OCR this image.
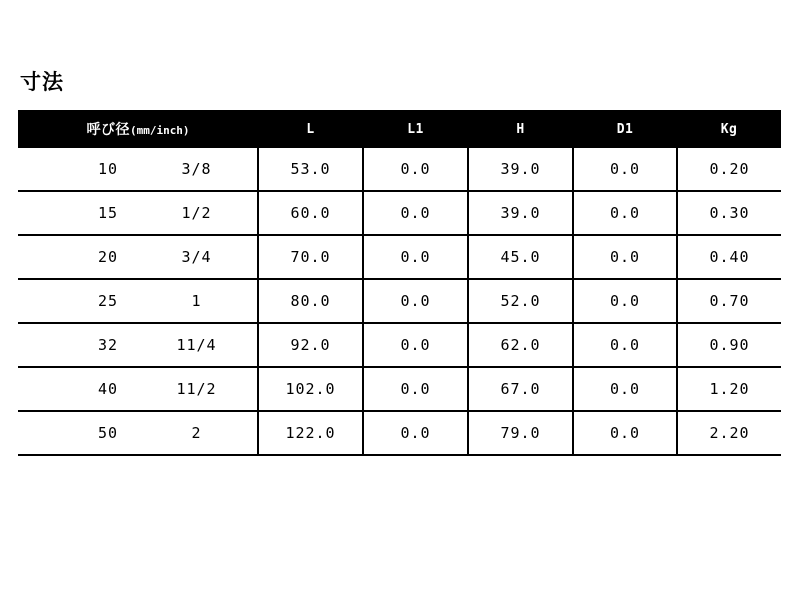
寸法
呼び径(mm/inch)		L	L1	H	D1	Kg
10	3/8	53.0	0.0	39.0	0.0	0.20
15	1/2	60.0	0.0	39.0	0.0	0.30
20	3/4	70.0	0.0	45.0	0.0	0.40
25	1	80.0	0.0	52.0	0.0	0.70
32	11/4	92.0	0.0	62.0	0.0	0.90
40	11/2	102.0	0.0	67.0	0.0	1.20
50	2	122.0	0.0	79.0	0.0	2.20
